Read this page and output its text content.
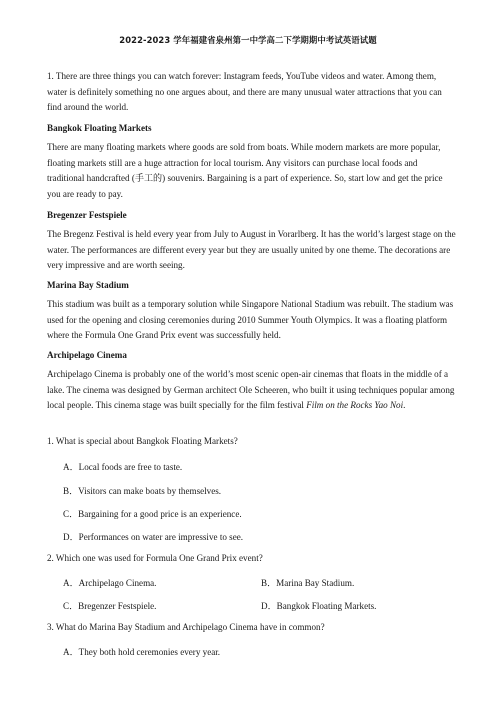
2022-2023 学年福建省泉州第一中学高二下学期期中考试英语试题

1. There are three things you can watch forever: Instagram feeds, YouTube videos and water. Among them, water is definitely something no one argues about, and there are many unusual water attractions that you can find around the world.

Bangkok Floating Markets

There are many floating markets where goods are sold from boats. While modern markets are more popular, floating markets still are a huge attraction for local tourism. Any visitors can purchase local foods and traditional handcrafted (手工的) souvenirs. Bargaining is a part of experience. So, start low and get the price you are ready to pay.

Bregenzer Festspiele

The Bregenz Festival is held every year from July to August in Vorarlberg. It has the world’s largest stage on the water. The performances are different every year but they are usually united by one theme. The decorations are very impressive and are worth seeing.

Marina Bay Stadium

This stadium was built as a temporary solution while Singapore National Stadium was rebuilt. The stadium was used for the opening and closing ceremonies during 2010 Summer Youth Olympics. It was a floating platform where the Formula One Grand Prix event was successfully held.

Archipelago Cinema

Archipelago Cinema is probably one of the world’s most scenic open-air cinemas that floats in the middle of a lake. The cinema was designed by German architect Ole Scheeren, who built it using techniques popular among local people. This cinema stage was built specially for the film festival Film on the Rocks Yao Noi.

1. What is special about Bangkok Floating Markets?

A．Local foods are free to taste.

B．Visitors can make boats by themselves.

C．Bargaining for a good price is an experience.

D．Performances on water are impressive to see.

2. Which one was used for Formula One Grand Prix event?

A．Archipelago Cinema.	B．Marina Bay Stadium.

C．Bregenzer Festspiele.	D．Bangkok Floating Markets.

3. What do Marina Bay Stadium and Archipelago Cinema have in common?

A．They both hold ceremonies every year.
